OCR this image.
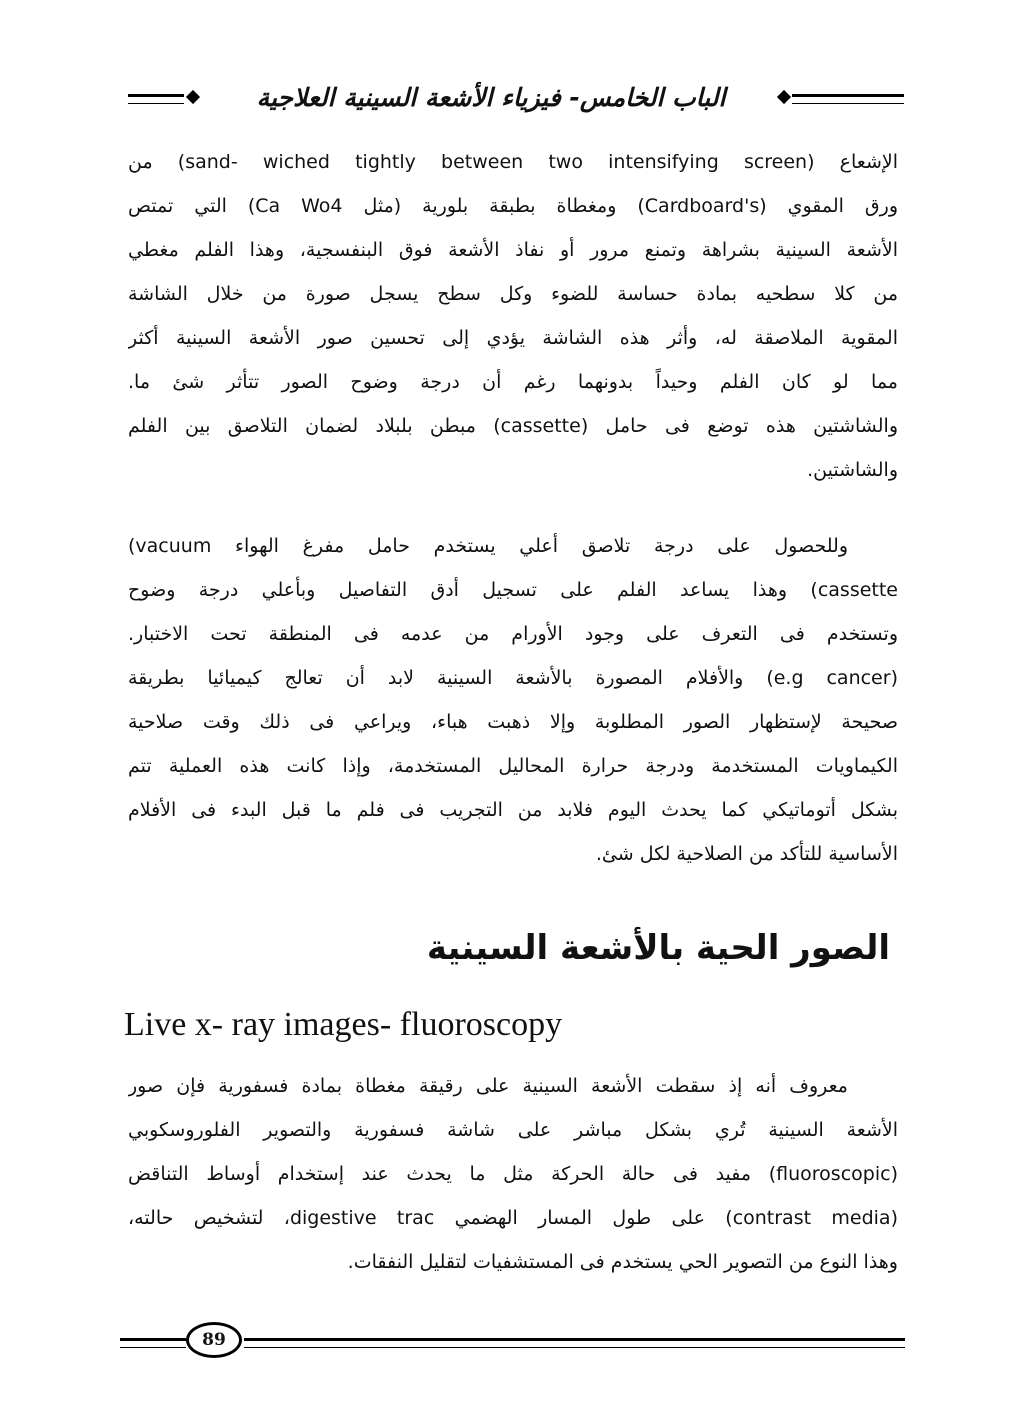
الباب الخامس- فيزياء الأشعة السينية العلاجية

الإشعاع (sand- wiched tightly between two intensifying screen) من
ورق المقوي (Cardboard's) ومغطاة بطبقة بلورية (مثل Ca Wo4) التي تمتص
الأشعة السينية بشراهة وتمنع مرور أو نفاذ الأشعة فوق البنفسجية، وهذا الفلم مغطي
من كلا سطحيه بمادة حساسة للضوء وكل سطح يسجل صورة من خلال الشاشة
المقوية الملاصقة له، وأثر هذه الشاشة يؤدي إلى تحسين صور الأشعة السينية أكثر
مما لو كان الفلم وحيداً بدونهما رغم أن درجة وضوح الصور تتأثر شئ ما.
والشاشتين هذه توضع فى حامل (cassette) مبطن بلبلاد لضمان التلاصق بين الفلم
والشاشتين.

وللحصول على درجة تلاصق أعلي يستخدم حامل مفرغ الهواء vacuum)
cassette) وهذا يساعد الفلم على تسجيل أدق التفاصيل وبأعلي درجة وضوح
وتستخدم فى التعرف على وجود الأورام من عدمه فى المنطقة تحت الاختبار.
(e.g cancer) والأفلام المصورة بالأشعة السينية لابد أن تعالج كيميائيا بطريقة
صحيحة لإستظهار الصور المطلوبة وإلا ذهبت هباء، ويراعي فى ذلك وقت صلاحية
الكيماويات المستخدمة ودرجة حرارة المحاليل المستخدمة، وإذا كانت هذه العملية تتم
بشكل أتوماتيكي كما يحدث اليوم فلابد من التجريب فى فلم ما قبل البدء فى الأفلام
الأساسية للتأكد من الصلاحية لكل شئ.

الصور الحية بالأشعة السينية
Live x- ray images- fluoroscopy

معروف أنه إذ سقطت الأشعة السينية على رقيقة مغطاة بمادة فسفورية فإن صور
الأشعة السينية تُري بشكل مباشر على شاشة فسفورية والتصوير الفلوروسكوبي
(fluoroscopic) مفيد فى حالة الحركة مثل ما يحدث عند إستخدام أوساط التناقض
(contrast media) على طول المسار الهضمي digestive trac، لتشخيص حالته،
وهذا النوع من التصوير الحي يستخدم فى المستشفيات لتقليل النفقات.

89
